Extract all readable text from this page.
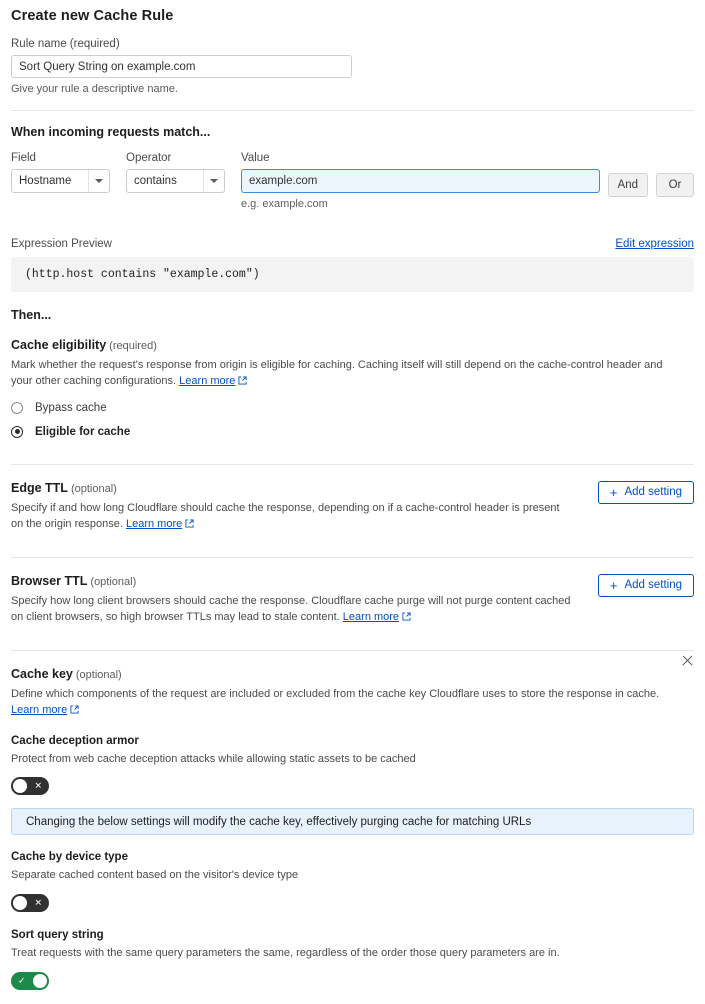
Create new Cache Rule
Rule name (required)
Sort Query String on example.com
Give your rule a descriptive name.
When incoming requests match...
Field
Hostname
Operator
contains
Value
example.com
e.g. example.com
And	Or
Expression Preview	Edit expression
(http.host contains "example.com")
Then...
Cache eligibility (required)
Mark whether the request's response from origin is eligible for caching. Caching itself will still depend on the cache-control header and your other caching configurations. Learn more
Bypass cache
Eligible for cache
Edge TTL (optional)
Specify if and how long Cloudflare should cache the response, depending on if a cache-control header is present on the origin response. Learn more
+ Add setting
Browser TTL (optional)
Specify how long client browsers should cache the response. Cloudflare cache purge will not purge content cached on client browsers, so high browser TTLs may lead to stale content. Learn more
+ Add setting
Cache key (optional)
Define which components of the request are included or excluded from the cache key Cloudflare uses to store the response in cache. Learn more
Cache deception armor
Protect from web cache deception attacks while allowing static assets to be cached
✕
Changing the below settings will modify the cache key, effectively purging cache for matching URLs
Cache by device type
Separate cached content based on the visitor's device type
✕
Sort query string
Treat requests with the same query parameters the same, regardless of the order those query parameters are in.
✓
